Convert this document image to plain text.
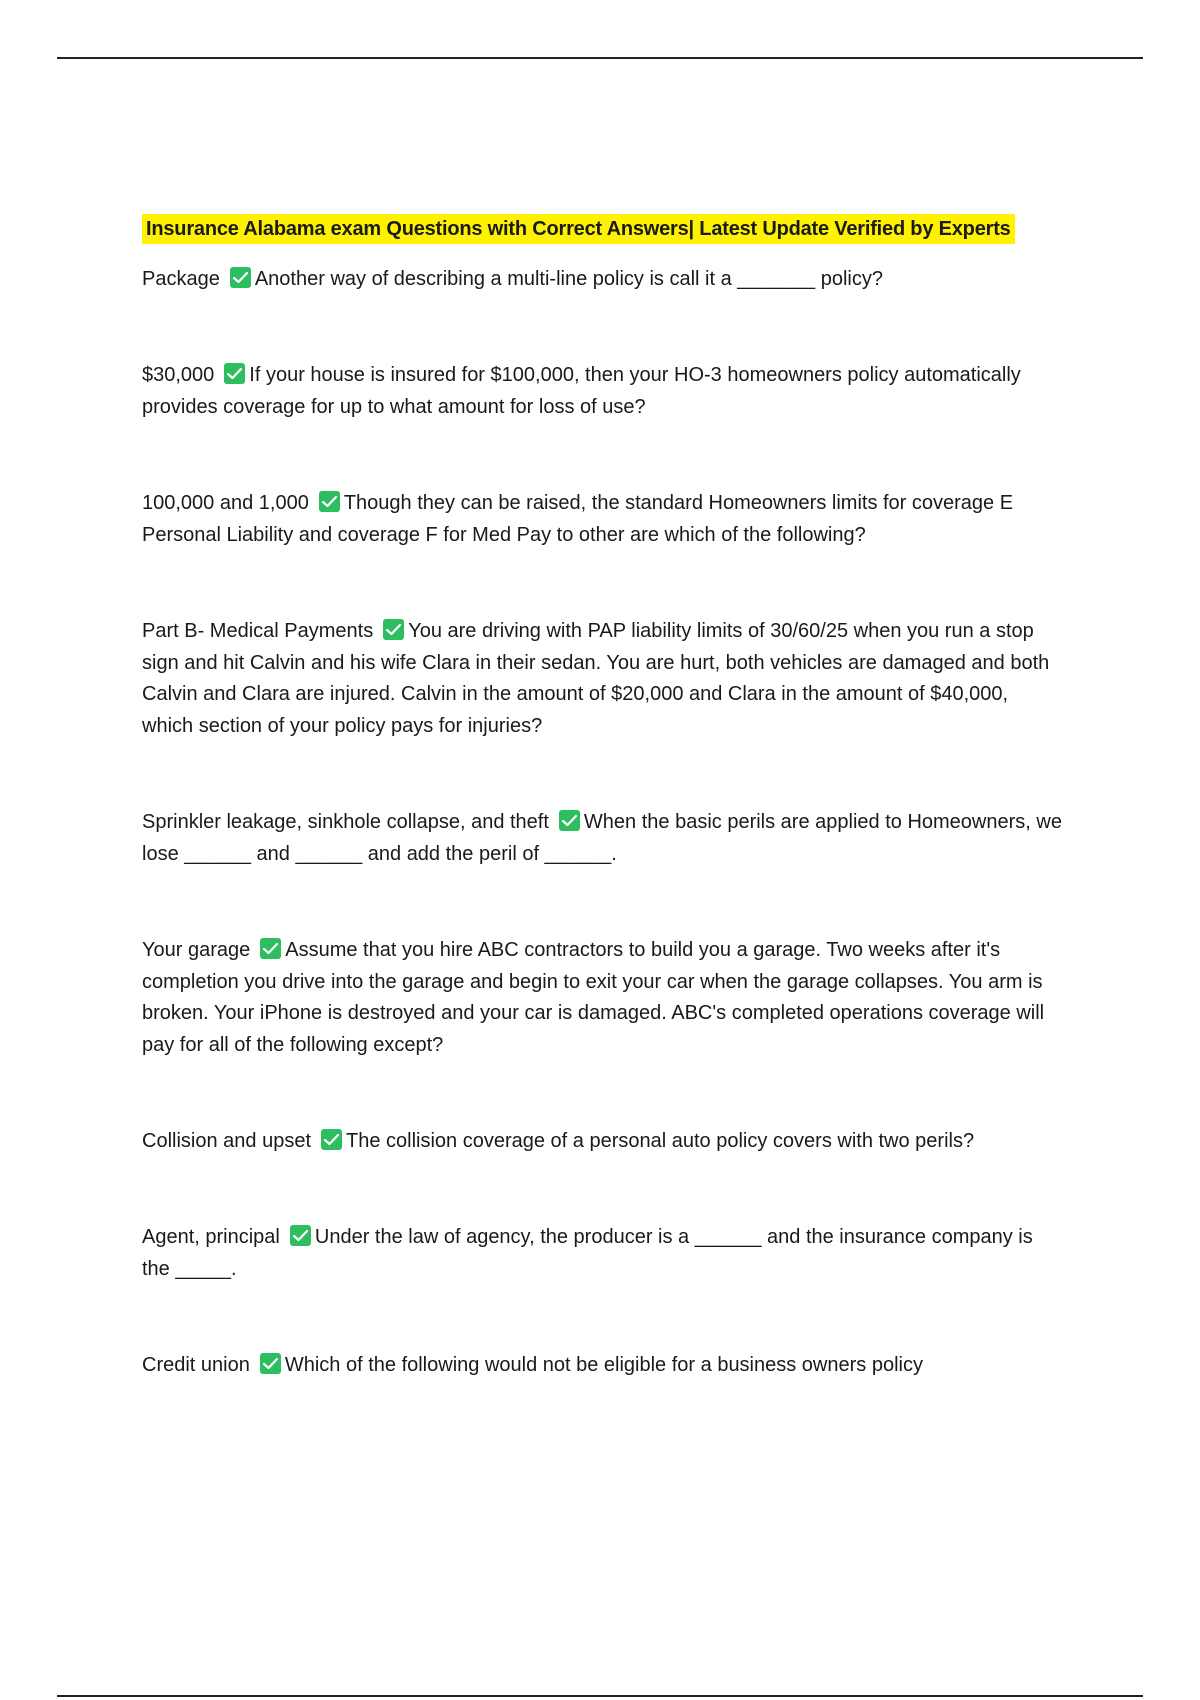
Insurance Alabama exam Questions with Correct Answers| Latest Update Verified by Experts

Package Another way of describing a multi-line policy is call it a _______ policy?

$30,000 If your house is insured for $100,000, then your HO-3 homeowners policy automatically provides coverage for up to what amount for loss of use?

100,000 and 1,000 Though they can be raised, the standard Homeowners limits for coverage E Personal Liability and coverage F for Med Pay to other are which of the following?

Part B- Medical Payments You are driving with PAP liability limits of 30/60/25 when you run a stop sign and hit Calvin and his wife Clara in their sedan. You are hurt, both vehicles are damaged and both Calvin and Clara are injured. Calvin in the amount of $20,000 and Clara in the amount of $40,000, which section of your policy pays for injuries?

Sprinkler leakage, sinkhole collapse, and theft When the basic perils are applied to Homeowners, we lose ______ and ______ and add the peril of ______.

Your garage Assume that you hire ABC contractors to build you a garage. Two weeks after it's completion you drive into the garage and begin to exit your car when the garage collapses. You arm is broken. Your iPhone is destroyed and your car is damaged. ABC's completed operations coverage will pay for all of the following except?

Collision and upset The collision coverage of a personal auto policy covers with two perils?

Agent, principal Under the law of agency, the producer is a ______ and the insurance company is the _____.

Credit union Which of the following would not be eligible for a business owners policy
